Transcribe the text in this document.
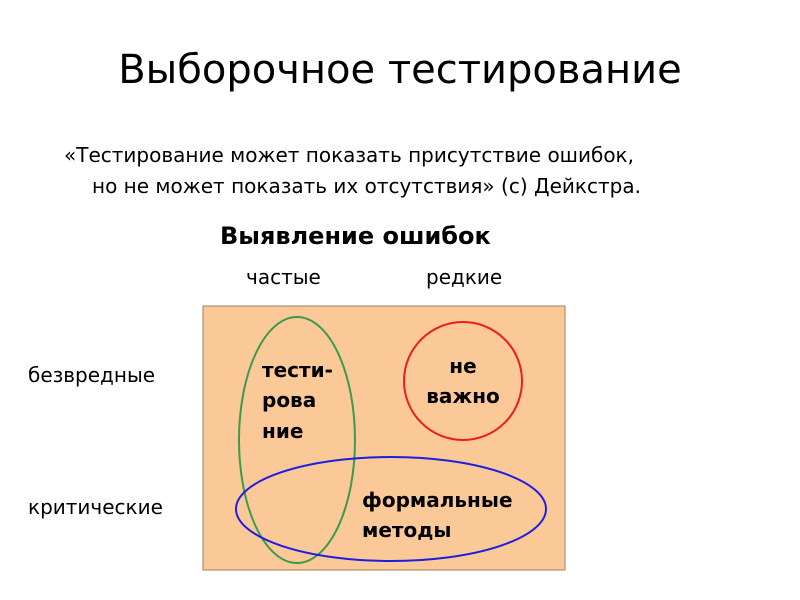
Выборочное тестирование
«Тестирование может показать присутствие ошибок,
но не может показать их отсутствия» (с) Дейкстра.
Выявление ошибок
частые	редкие
безвредные
критические
тести-
рова
ние
не
важно
формальные
методы
